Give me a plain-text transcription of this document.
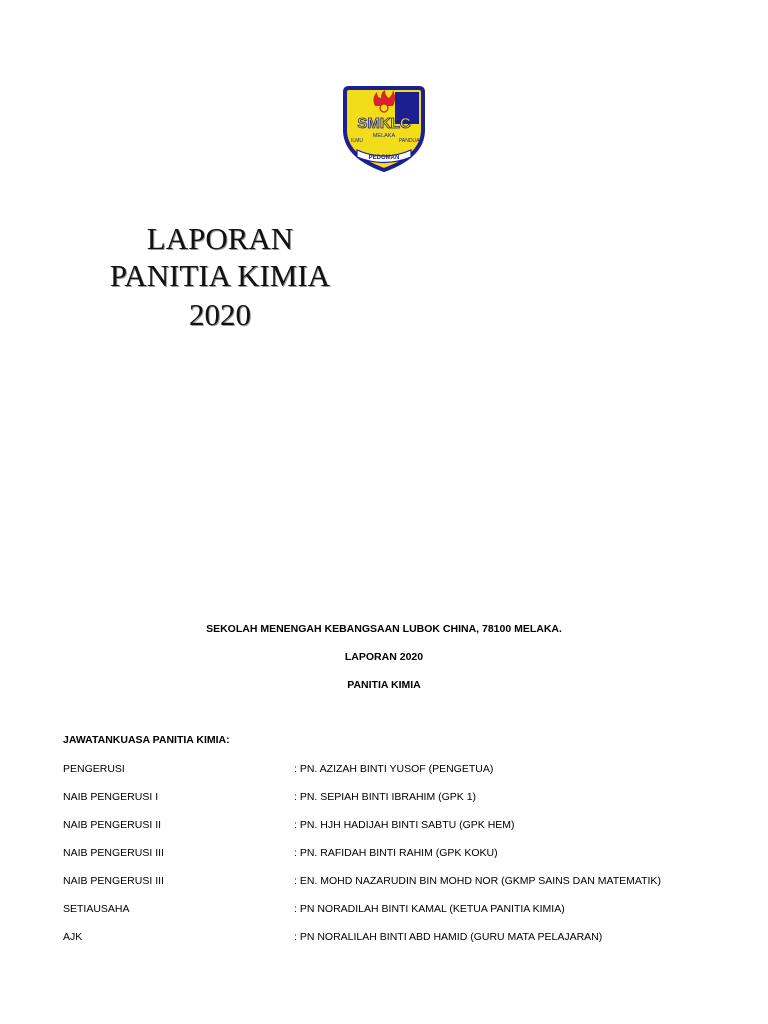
SMKLC
MELAKA
ILMU	PANDUAN
PEDOMAN
LAPORAN
PANITIA KIMIA
2020
SEKOLAH MENENGAH KEBANGSAAN LUBOK CHINA, 78100 MELAKA.
LAPORAN 2020
PANITIA KIMIA
JAWATANKUASA PANITIA KIMIA:
PENGERUSI	: PN. AZIZAH BINTI YUSOF (PENGETUA)
NAIB PENGERUSI I	: PN. SEPIAH BINTI IBRAHIM (GPK 1)
NAIB PENGERUSI II	: PN. HJH HADIJAH BINTI SABTU (GPK HEM)
NAIB PENGERUSI III	: PN. RAFIDAH BINTI RAHIM (GPK KOKU)
NAIB PENGERUSI III	: EN. MOHD NAZARUDIN BIN MOHD NOR (GKMP SAINS DAN MATEMATIK)
SETIAUSAHA	: PN NORADILAH BINTI KAMAL (KETUA PANITIA KIMIA)
AJK	: PN NORALILAH BINTI ABD HAMID (GURU MATA PELAJARAN)
